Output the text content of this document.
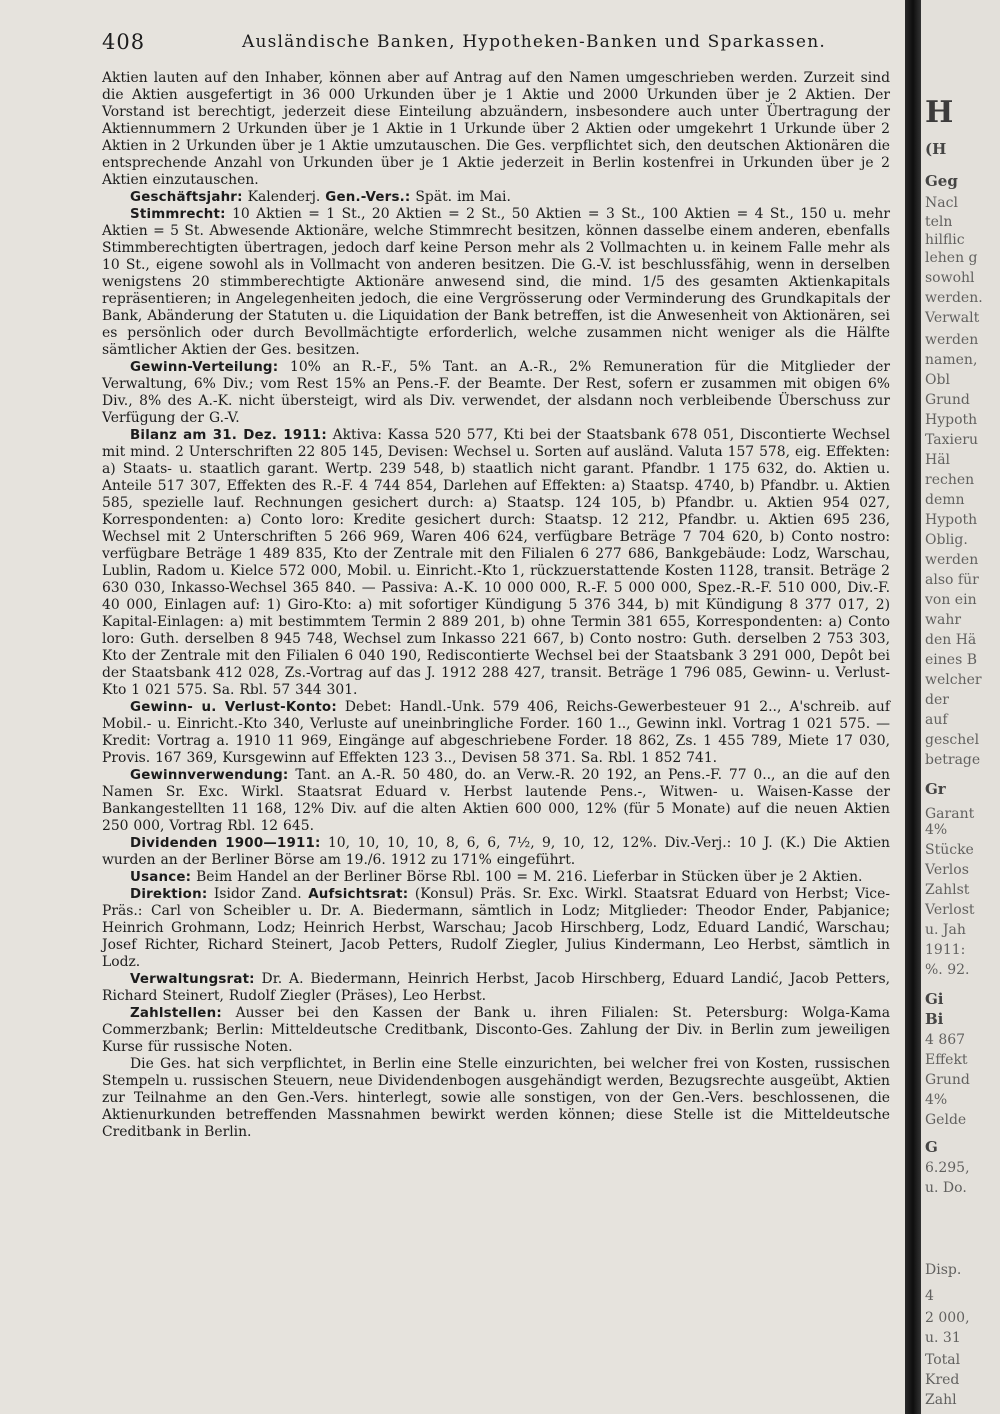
408	Ausländische Banken, Hypotheken-Banken und Sparkassen.

Aktien lauten auf den Inhaber, können aber auf Antrag auf den Namen umgeschrieben werden. Zurzeit sind die Aktien ausgefertigt in 36 000 Urkunden über je 1 Aktie und 2000 Urkunden über je 2 Aktien. Der Vorstand ist berechtigt, jederzeit diese Einteilung abzuändern, insbesondere auch unter Übertragung der Aktiennummern 2 Urkunden über je 1 Aktie in 1 Urkunde über 2 Aktien oder umgekehrt 1 Urkunde über 2 Aktien in 2 Urkunden über je 1 Aktie umzutauschen. Die Ges. verpflichtet sich, den deutschen Aktionären die entsprechende Anzahl von Urkunden über je 1 Aktie jederzeit in Berlin kostenfrei in Urkunden über je 2 Aktien einzutauschen.

Geschäftsjahr: Kalenderj. Gen.-Vers.: Spät. im Mai.

Stimmrecht: 10 Aktien = 1 St., 20 Aktien = 2 St., 50 Aktien = 3 St., 100 Aktien = 4 St., 150 u. mehr Aktien = 5 St. Abwesende Aktionäre, welche Stimmrecht besitzen, können dasselbe einem anderen, ebenfalls Stimmberechtigten übertragen, jedoch darf keine Person mehr als 2 Vollmachten u. in keinem Falle mehr als 10 St., eigene sowohl als in Vollmacht von anderen besitzen. Die G.-V. ist beschlussfähig, wenn in derselben wenigstens 20 stimmberechtigte Aktionäre anwesend sind, die mind. 1/5 des gesamten Aktienkapitals repräsentieren; in Angelegenheiten jedoch, die eine Vergrösserung oder Verminderung des Grundkapitals der Bank, Abänderung der Statuten u. die Liquidation der Bank betreffen, ist die Anwesenheit von Aktionären, sei es persönlich oder durch Bevollmächtigte erforderlich, welche zusammen nicht weniger als die Hälfte sämtlicher Aktien der Ges. besitzen.

Gewinn-Verteilung: 10% an R.-F., 5% Tant. an A.-R., 2% Remuneration für die Mitglieder der Verwaltung, 6% Div.; vom Rest 15% an Pens.-F. der Beamte. Der Rest, sofern er zusammen mit obigen 6% Div., 8% des A.-K. nicht übersteigt, wird als Div. verwendet, der alsdann noch verbleibende Überschuss zur Verfügung der G.-V.

Bilanz am 31. Dez. 1911: Aktiva: Kassa 520 577, Kti bei der Staatsbank 678 051, Discontierte Wechsel mit mind. 2 Unterschriften 22 805 145, Devisen: Wechsel u. Sorten auf ausländ. Valuta 157 578, eig. Effekten: a) Staats- u. staatlich garant. Wertp. 239 548, b) staatlich nicht garant. Pfandbr. 1 175 632, do. Aktien u. Anteile 517 307, Effekten des R.-F. 4 744 854, Darlehen auf Effekten: a) Staatsp. 4740, b) Pfandbr. u. Aktien 585, spezielle lauf. Rechnungen gesichert durch: a) Staatsp. 124 105, b) Pfandbr. u. Aktien 954 027, Korrespondenten: a) Conto loro: Kredite gesichert durch: Staatsp. 12 212, Pfandbr. u. Aktien 695 236, Wechsel mit 2 Unterschriften 5 266 969, Waren 406 624, verfügbare Beträge 7 704 620, b) Conto nostro: verfügbare Beträge 1 489 835, Kto der Zentrale mit den Filialen 6 277 686, Bankgebäude: Lodz, Warschau, Lublin, Radom u. Kielce 572 000, Mobil. u. Einricht.-Kto 1, rückzuerstattende Kosten 1128, transit. Beträge 2 630 030, Inkasso-Wechsel 365 840. — Passiva: A.-K. 10 000 000, R.-F. 5 000 000, Spez.-R.-F. 510 000, Div.-F. 40 000, Einlagen auf: 1) Giro-Kto: a) mit sofortiger Kündigung 5 376 344, b) mit Kündigung 8 377 017, 2) Kapital-Einlagen: a) mit bestimmtem Termin 2 889 201, b) ohne Termin 381 655, Korrespondenten: a) Conto loro: Guth. derselben 8 945 748, Wechsel zum Inkasso 221 667, b) Conto nostro: Guth. derselben 2 753 303, Kto der Zentrale mit den Filialen 6 040 190, Rediscontierte Wechsel bei der Staatsbank 3 291 000, Depôt bei der Staatsbank 412 028, Zs.-Vortrag auf das J. 1912 288 427, transit. Beträge 1 796 085, Gewinn- u. Verlust-Kto 1 021 575. Sa. Rbl. 57 344 301.

Gewinn- u. Verlust-Konto: Debet: Handl.-Unk. 579 406, Reichs-Gewerbesteuer 91 2.., A'schreib. auf Mobil.- u. Einricht.-Kto 340, Verluste auf uneinbringliche Forder. 160 1.., Gewinn inkl. Vortrag 1 021 575. — Kredit: Vortrag a. 1910 11 969, Eingänge auf abgeschriebene Forder. 18 862, Zs. 1 455 789, Miete 17 030, Provis. 167 369, Kursgewinn auf Effekten 123 3.., Devisen 58 371. Sa. Rbl. 1 852 741.

Gewinnverwendung: Tant. an A.-R. 50 480, do. an Verw.-R. 20 192, an Pens.-F. 77 0.., an die auf den Namen Sr. Exc. Wirkl. Staatsrat Eduard v. Herbst lautende Pens.-, Witwen- u. Waisen-Kasse der Bankangestellten 11 168, 12% Div. auf die alten Aktien 600 000, 12% (für 5 Monate) auf die neuen Aktien 250 000, Vortrag Rbl. 12 645.

Dividenden 1900—1911: 10, 10, 10, 10, 8, 6, 6, 7½, 9, 10, 12, 12%. Div.-Verj.: 10 J. (K.) Die Aktien wurden an der Berliner Börse am 19./6. 1912 zu 171% eingeführt.

Usance: Beim Handel an der Berliner Börse Rbl. 100 = M. 216. Lieferbar in Stücken über je 2 Aktien.

Direktion: Isidor Zand. Aufsichtsrat: (Konsul) Präs. Sr. Exc. Wirkl. Staatsrat Eduard von Herbst; Vice-Präs.: Carl von Scheibler u. Dr. A. Biedermann, sämtlich in Lodz; Mitglieder: Theodor Ender, Pabjanice; Heinrich Grohmann, Lodz; Heinrich Herbst, Warschau; Jacob Hirschberg, Lodz, Eduard Landić, Warschau; Josef Richter, Richard Steinert, Jacob Petters, Rudolf Ziegler, Julius Kindermann, Leo Herbst, sämtlich in Lodz.

Verwaltungsrat: Dr. A. Biedermann, Heinrich Herbst, Jacob Hirschberg, Eduard Landić, Jacob Petters, Richard Steinert, Rudolf Ziegler (Präses), Leo Herbst.

Zahlstellen: Ausser bei den Kassen der Bank u. ihren Filialen: St. Petersburg: Wolga-Kama Commerzbank; Berlin: Mitteldeutsche Creditbank, Disconto-Ges. Zahlung der Div. in Berlin zum jeweiligen Kurse für russische Noten.

Die Ges. hat sich verpflichtet, in Berlin eine Stelle einzurichten, bei welcher frei von Kosten, russischen Stempeln u. russischen Steuern, neue Dividendenbogen ausgehändigt werden, Bezugsrechte ausgeübt, Aktien zur Teilnahme an den Gen.-Vers. hinterlegt, sowie alle sonstigen, von der Gen.-Vers. beschlossenen, die Aktienurkunden betreffenden Massnahmen bewirkt werden können; diese Stelle ist die Mitteldeutsche Creditbank in Berlin.

H
(H
Geg
Nacl
teln
hilflic
lehen g
sowohl
werden.
Verwalt
werden
namen,
Obl
Grund
Hypoth
Taxieru
Häl
rechen
demn
Hypoth
Oblig.
werden
also für
von ein
wahr
den Hä
eines B
welcher
der
auf
geschel
betrage
Gr
Garant
4%
Stücke
Verlos
Zahlst
Verlost
u. Jah
1911:
%. 92.
Gi
Bi
4 867
Effekt
Grund
4%
Gelde
G
6.295,
u. Do.
Disp.
4
2 000,
u. 31
Total
Kred
Zahl
